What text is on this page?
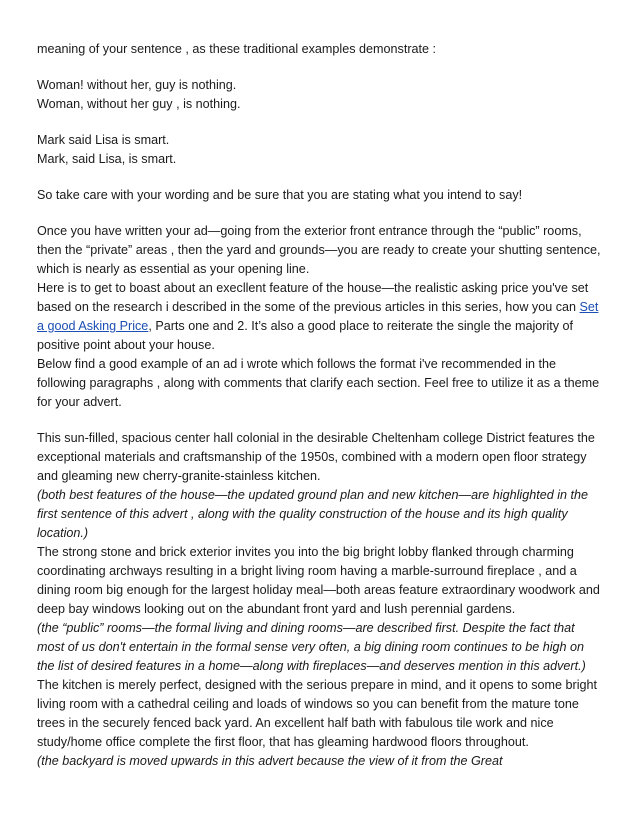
meaning of your sentence , as these traditional examples demonstrate :
Woman! without her, guy is nothing.
Woman, without her guy , is nothing.
Mark said Lisa is smart.
Mark, said Lisa, is smart.
So take care with your wording and be sure that you are stating what you intend to say!
Once you have written your ad—going from the exterior front entrance through the “public” rooms,
then the “private” areas , then the yard and grounds—you are ready to create your shutting sentence,
which is nearly as essential as your opening line.
Here is to get to boast about an execllent feature of the house—the realistic asking price you've set
based on the research i described in the some of the previous articles in this series, how you can Set
a good Asking Price, Parts one and 2. It’s also a good place to reiterate the single the majority of
positive point about your house.
Below find a good example of an ad i wrote which follows the format i've recommended in the
following paragraphs , along with comments that clarify each section. Feel free to utilize it as a theme
for your advert.
This sun-filled, spacious center hall colonial in the desirable Cheltenham college District features the
exceptional materials and craftsmanship of the 1950s, combined with a modern open floor strategy
and gleaming new cherry-granite-stainless kitchen.
(both best features of the house—the updated ground plan and new kitchen—are highlighted in the
first sentence of this advert , along with the quality construction of the house and its high quality
location.)
The strong stone and brick exterior invites you into the big bright lobby flanked through charming
coordinating archways resulting in a bright living room having a marble-surround fireplace , and a
dining room big enough for the largest holiday meal—both areas feature extraordinary woodwork and
deep bay windows looking out on the abundant front yard and lush perennial gardens.
(the “public” rooms—the formal living and dining rooms—are described first. Despite the fact that
most of us don't entertain in the formal sense very often, a big dining room continues to be high on
the list of desired features in a home—along with fireplaces—and deserves mention in this advert.)
The kitchen is merely perfect, designed with the serious prepare in mind, and it opens to some bright
living room with a cathedral ceiling and loads of windows so you can benefit from the mature tone
trees in the securely fenced back yard. An excellent half bath with fabulous tile work and nice
study/home office complete the first floor, that has gleaming hardwood floors throughout.
(the backyard is moved upwards in this advert because the view of it from the Great
